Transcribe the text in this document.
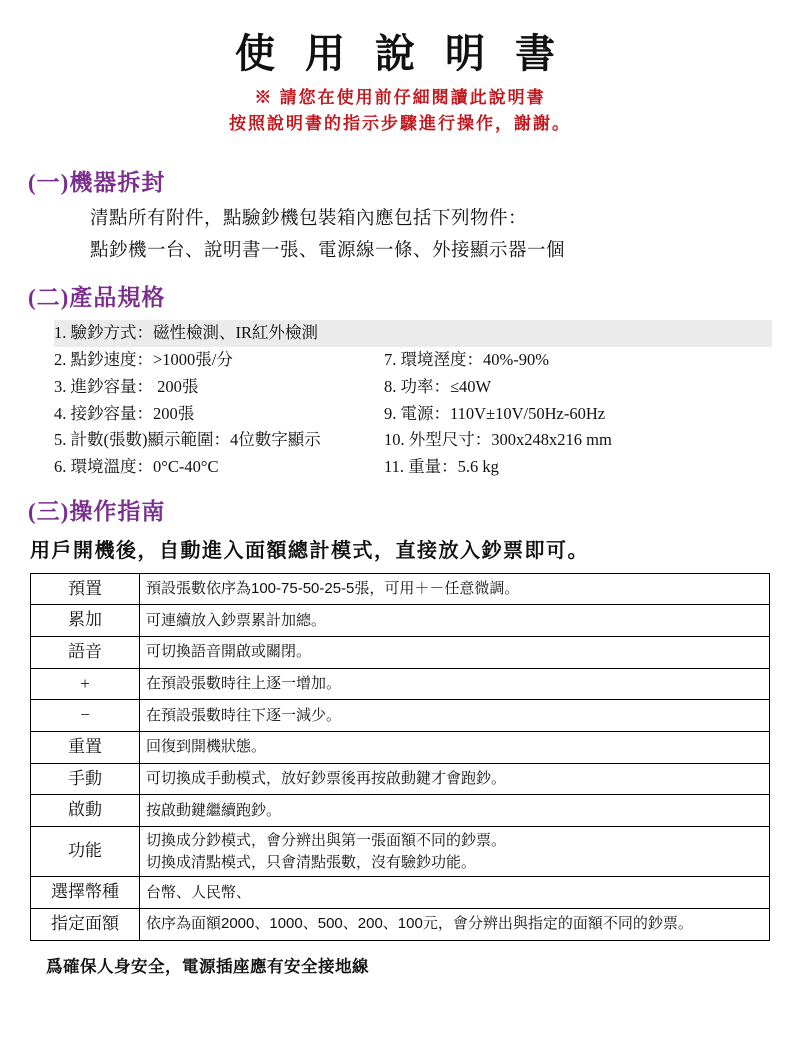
使 用 說 明 書
※ 請您在使用前仔細閱讀此說明書
按照說明書的指示步驟進行操作，謝謝。
(一)機器拆封
清點所有附件，點驗鈔機包裝箱內應包括下列物件：
點鈔機一台、說明書一張、電源線一條、外接顯示器一個
(二)產品規格
1. 驗鈔方式：磁性檢測、IR紅外檢測
2. 點鈔速度：>1000張/分	7. 環境溼度：40%-90%
3. 進鈔容量： 200張	8. 功率：≤40W
4. 接鈔容量：200張	9. 電源：110V±10V/50Hz-60Hz
5. 計數(張數)顯示範圍：4位數字顯示	10. 外型尺寸：300x248x216 mm
6. 環境溫度：0°C-40°C	11. 重量：5.6 kg
(三)操作指南
用戶開機後，自動進入面額總計模式，直接放入鈔票即可。
預置	預設張數依序為100-75-50-25-5張，可用＋－任意微調。
累加	可連續放入鈔票累計加總。
語音	可切換語音開啟或關閉。
+	在預設張數時往上逐一增加。
−	在預設張數時往下逐一減少。
重置	回復到開機狀態。
手動	可切換成手動模式，放好鈔票後再按啟動鍵才會跑鈔。
啟動	按啟動鍵繼續跑鈔。
功能	切換成分鈔模式，會分辨出與第一張面額不同的鈔票。
切換成清點模式，只會清點張數，沒有驗鈔功能。

選擇幣種	台幣、人民幣、
指定面額	依序為面額2000、1000、500、200、100元，會分辨出與指定的面額不同的鈔票。
爲確保人身安全，電源插座應有安全接地線
